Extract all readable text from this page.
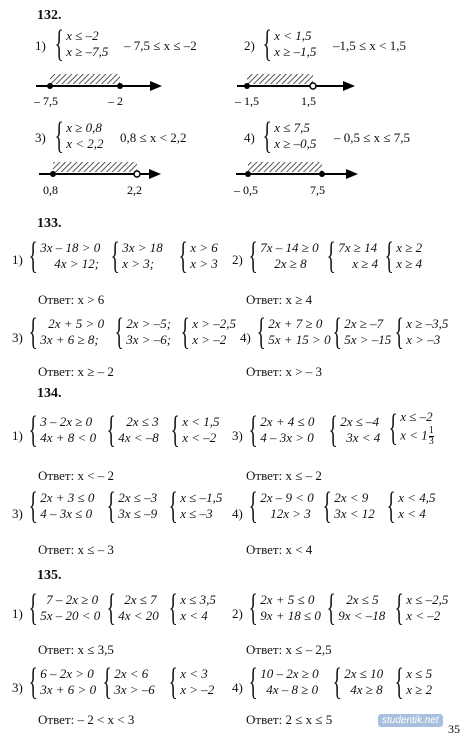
132.
1) { x ≤ –2
x ≥ –7,5 – 7,5 ≤ x ≤ –2	2) { x < 1,5
x ≥ –1,5 –1,5 ≤ x < 1,5
– 7,5	– 2	– 1,5	1,5
3) { x ≥ 0,8
x < 2,2 0,8 ≤ x < 2,2	4) { x ≤ 7,5
x ≥ –0,5 – 0,5 ≤ x ≤ 7,5
0,8	2,2	– 0,5	7,5
133.
1) { 3x – 18 > 0
4x > 12; { 3x > 18
x > 3; { x > 6
x > 3
Ответ: x > 6
2) { 7x – 14 ≥ 0
2x ≥ 8 { 7x ≥ 14
x ≥ 4 { x ≥ 2
x ≥ 4
Ответ: x ≥ 4
3) { 2x + 5 > 0
3x + 6 ≥ 8; { 2x > –5;
3x > –6; { x > –2,5
x > –2
Ответ: x ≥ – 2
4) { 2x + 7 ≥ 0
5x + 15 > 0 { 2x ≥ –7
5x > –15 { x ≥ –3,5
x > –3
Ответ: x > – 3
134.
1) { 3 – 2x ≥ 0
4x + 8 < 0 { 2x ≤ 3
4x < –8 { x < 1,5
x < –2
Ответ: x < – 2
3) { 2x + 4 ≤ 0
4 – 3x > 0 { 2x ≤ –4
3x < 4 { x ≤ –2
$x < 1 \frac{1}{3}$
Ответ: x ≤ – 2
3) { 2x + 3 ≤ 0
4 – 3x ≤ 0 { 2x ≤ –3
3x ≤ –9 { x ≤ –1,5
x ≤ –3
Ответ: x ≤ – 3
4) { 2x – 9 < 0
12x > 3 { 2x < 9
3x < 12 { x < 4,5
x < 4
Ответ: x < 4
135.
1) { 7 – 2x ≥ 0
5x – 20 < 0 { 2x ≤ 7
4x < 20 { x ≤ 3,5
x < 4
Ответ: x ≤ 3,5
2) { 2x + 5 ≤ 0
9x + 18 ≤ 0 { 2x ≤ 5
9x < –18 { x ≤ –2,5
x < –2
Ответ: x ≤ – 2,5
3) { 6 – 2x > 0
3x + 6 > 0 { 2x < 6
3x > –6 { x < 3
x > –2
Ответ: – 2 < x < 3
4) { 10 – 2x ≥ 0
4x – 8 ≥ 0 { 2x ≤ 10
4x ≥ 8 { x ≤ 5
x ≥ 2
Ответ: 2 ≤ x ≤ 5	studentik.net
35
